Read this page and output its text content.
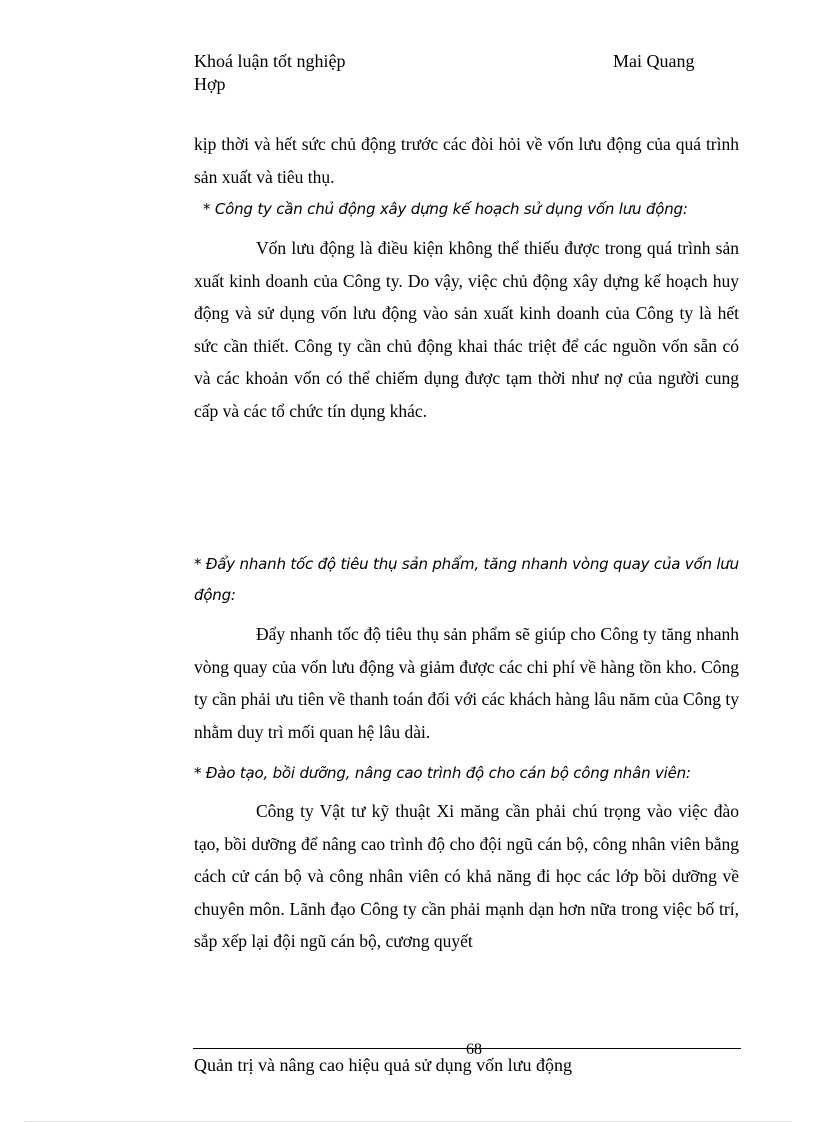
Khoá luận tốt nghiệp	Mai Quang
Hợp

kịp thời và hết sức chủ động trước các đòi hỏi về vốn lưu động của quá trình sản xuất và tiêu thụ.

* Công ty cần chủ động xây dựng kế hoạch sử dụng vốn lưu động:

Vốn lưu động là điều kiện không thể thiếu được trong quá trình sản xuất kinh doanh của Công ty. Do vậy, việc chủ động xây dựng kế hoạch huy động và sử dụng vốn lưu động vào sản xuất kinh doanh của Công ty là hết sức cần thiết. Công ty cần chủ động khai thác triệt để các nguồn vốn sẵn có và các khoản vốn có thể chiếm dụng được tạm thời như nợ của người cung cấp và các tổ chức tín dụng khác.

* Đẩy nhanh tốc độ tiêu thụ sản phẩm, tăng nhanh vòng quay của vốn lưu động:

Đẩy nhanh tốc độ tiêu thụ sản phẩm sẽ giúp cho Công ty tăng nhanh vòng quay của vốn lưu động và giảm được các chi phí về hàng tồn kho. Công ty cần phải ưu tiên về thanh toán đối với các khách hàng lâu năm của Công ty nhằm duy trì mối quan hệ lâu dài.

* Đào tạo, bồi dưỡng, nâng cao trình độ cho cán bộ công nhân viên:

Công ty Vật tư kỹ thuật Xi măng cần phải chú trọng vào việc đào tạo, bồi dưỡng để nâng cao trình độ cho đội ngũ cán bộ, công nhân viên bằng cách cử cán bộ và công nhân viên có khả năng đi học các lớp bồi dưỡng về chuyên môn. Lãnh đạo Công ty cần phải mạnh dạn hơn nữa trong việc bố trí, sắp xếp lại đội ngũ cán bộ, cương quyết

68
Quản trị và nâng cao hiệu quả sử dụng vốn lưu động
